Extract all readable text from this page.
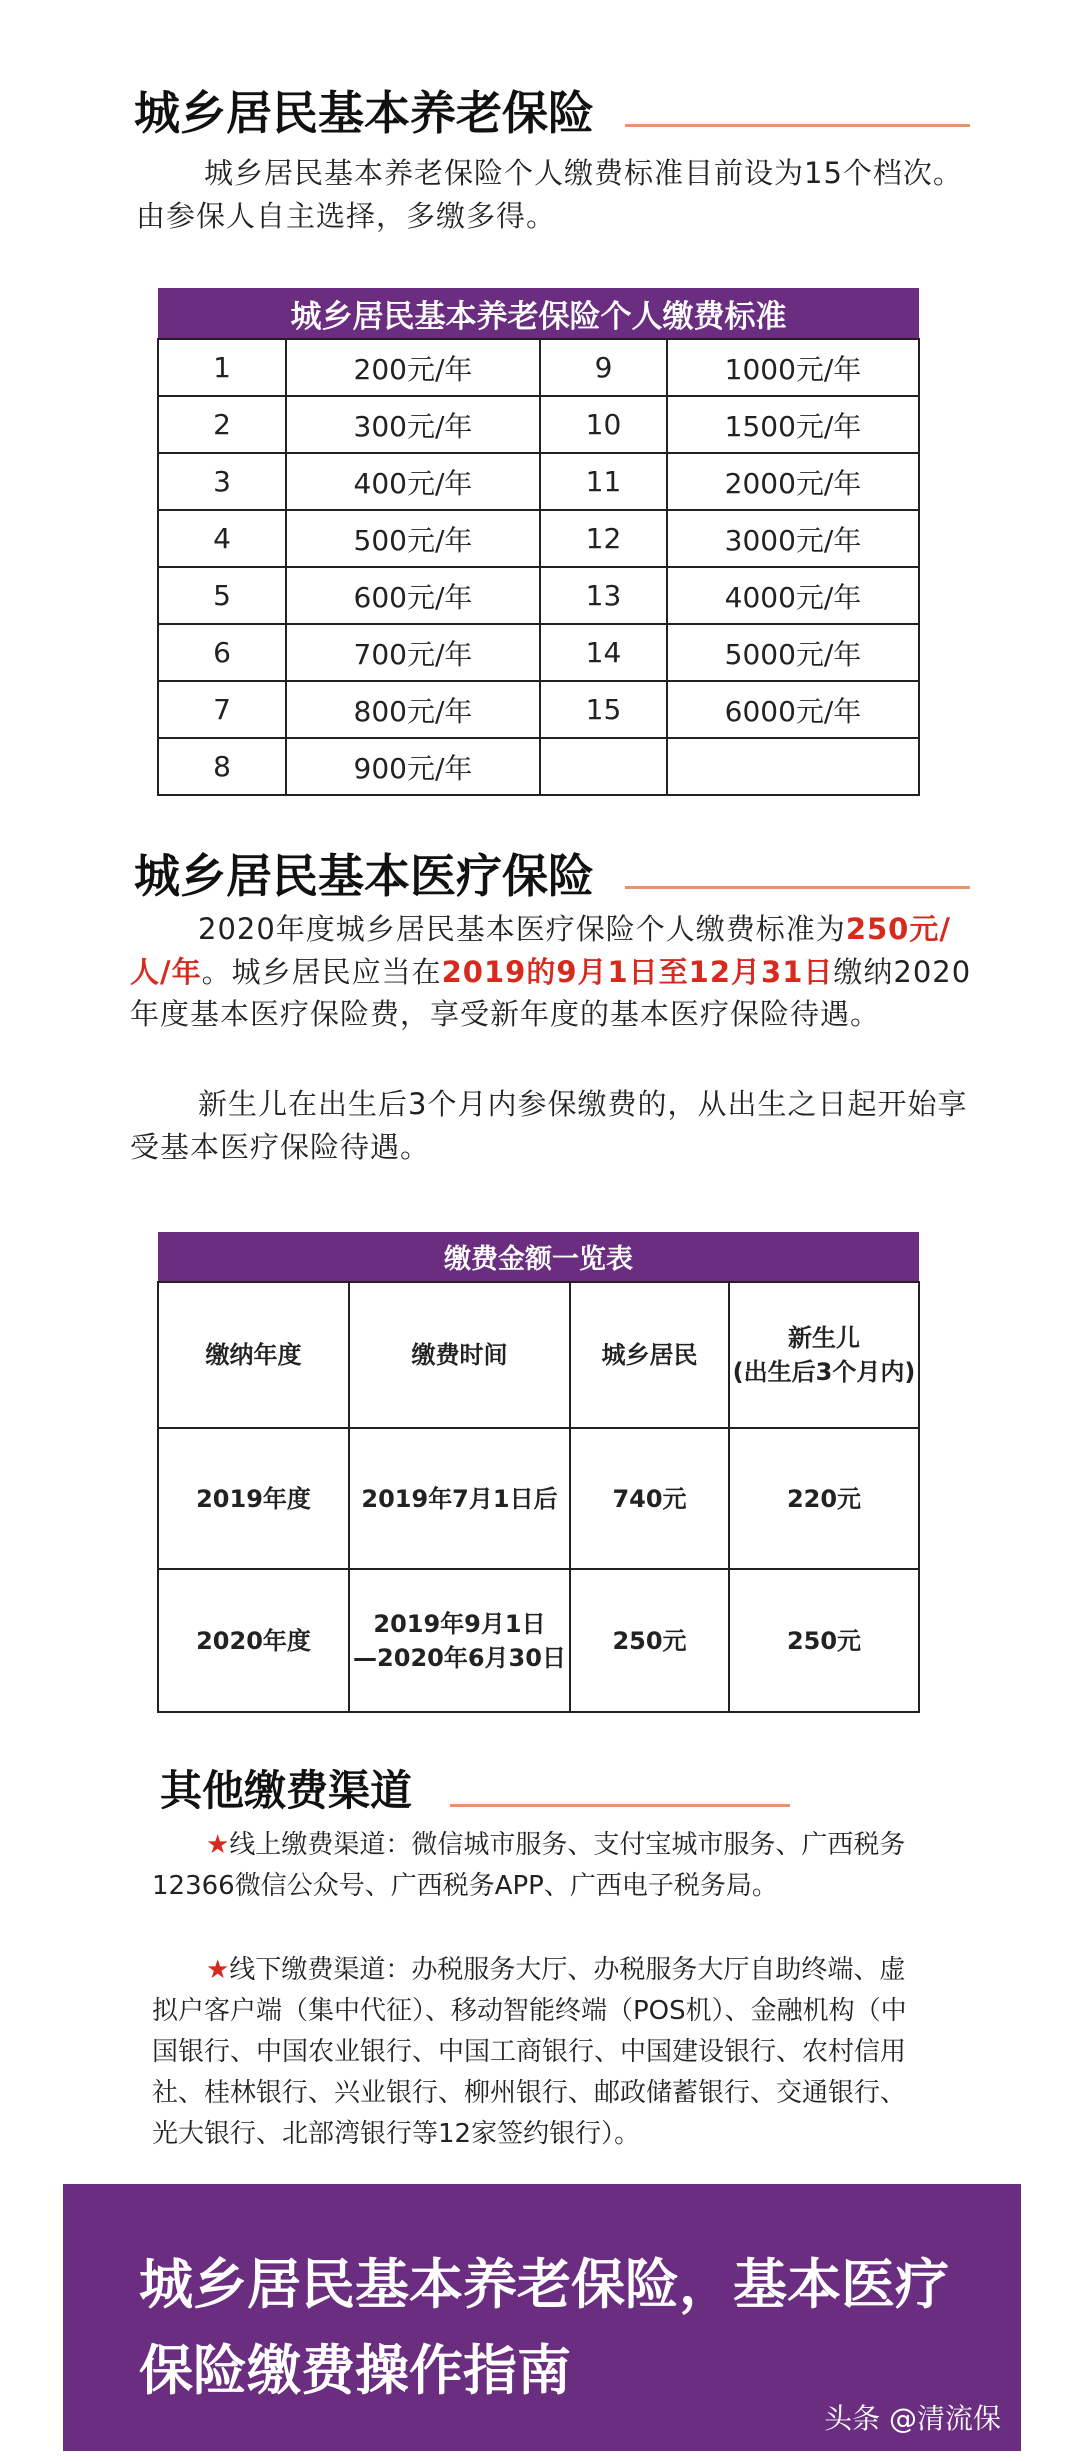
城乡居民基本养老保险
城乡居民基本养老保险个人缴费标准目前设为15个档次。由参保人自主选择，多缴多得。
城乡居民基本养老保险个人缴费标准			
1	200元/年	9	1000元/年
2	300元/年	10	1500元/年
3	400元/年	11	2000元/年
4	500元/年	12	3000元/年
5	600元/年	13	4000元/年
6	700元/年	14	5000元/年
7	800元/年	15	6000元/年
8	900元/年		
城乡居民基本医疗保险
2020年度城乡居民基本医疗保险个人缴费标准为250元/人/年。城乡居民应当在2019的9月1日至12月31日缴纳2020年度基本医疗保险费，享受新年度的基本医疗保险待遇。
新生儿在出生后3个月内参保缴费的，从出生之日起开始享受基本医疗保险待遇。
缴费金额一览表			
缴纳年度	缴费时间	城乡居民	新生儿
(出生后3个月内)
2019年度	2019年7月1日后	740元	220元
2020年度	2019年9月1日
—2020年6月30日	250元	250元
其他缴费渠道
★线上缴费渠道：微信城市服务、支付宝城市服务、广西税务12366微信公众号、广西税务APP、广西电子税务局。
★线下缴费渠道：办税服务大厅、办税服务大厅自助终端、虚拟户客户端（集中代征）、移动智能终端（POS机）、金融机构（中国银行、中国农业银行、中国工商银行、中国建设银行、农村信用社、桂林银行、兴业银行、柳州银行、邮政储蓄银行、交通银行、光大银行、北部湾银行等12家签约银行）。
城乡居民基本养老保险，基本医疗保险缴费操作指南
头条 @清流保
